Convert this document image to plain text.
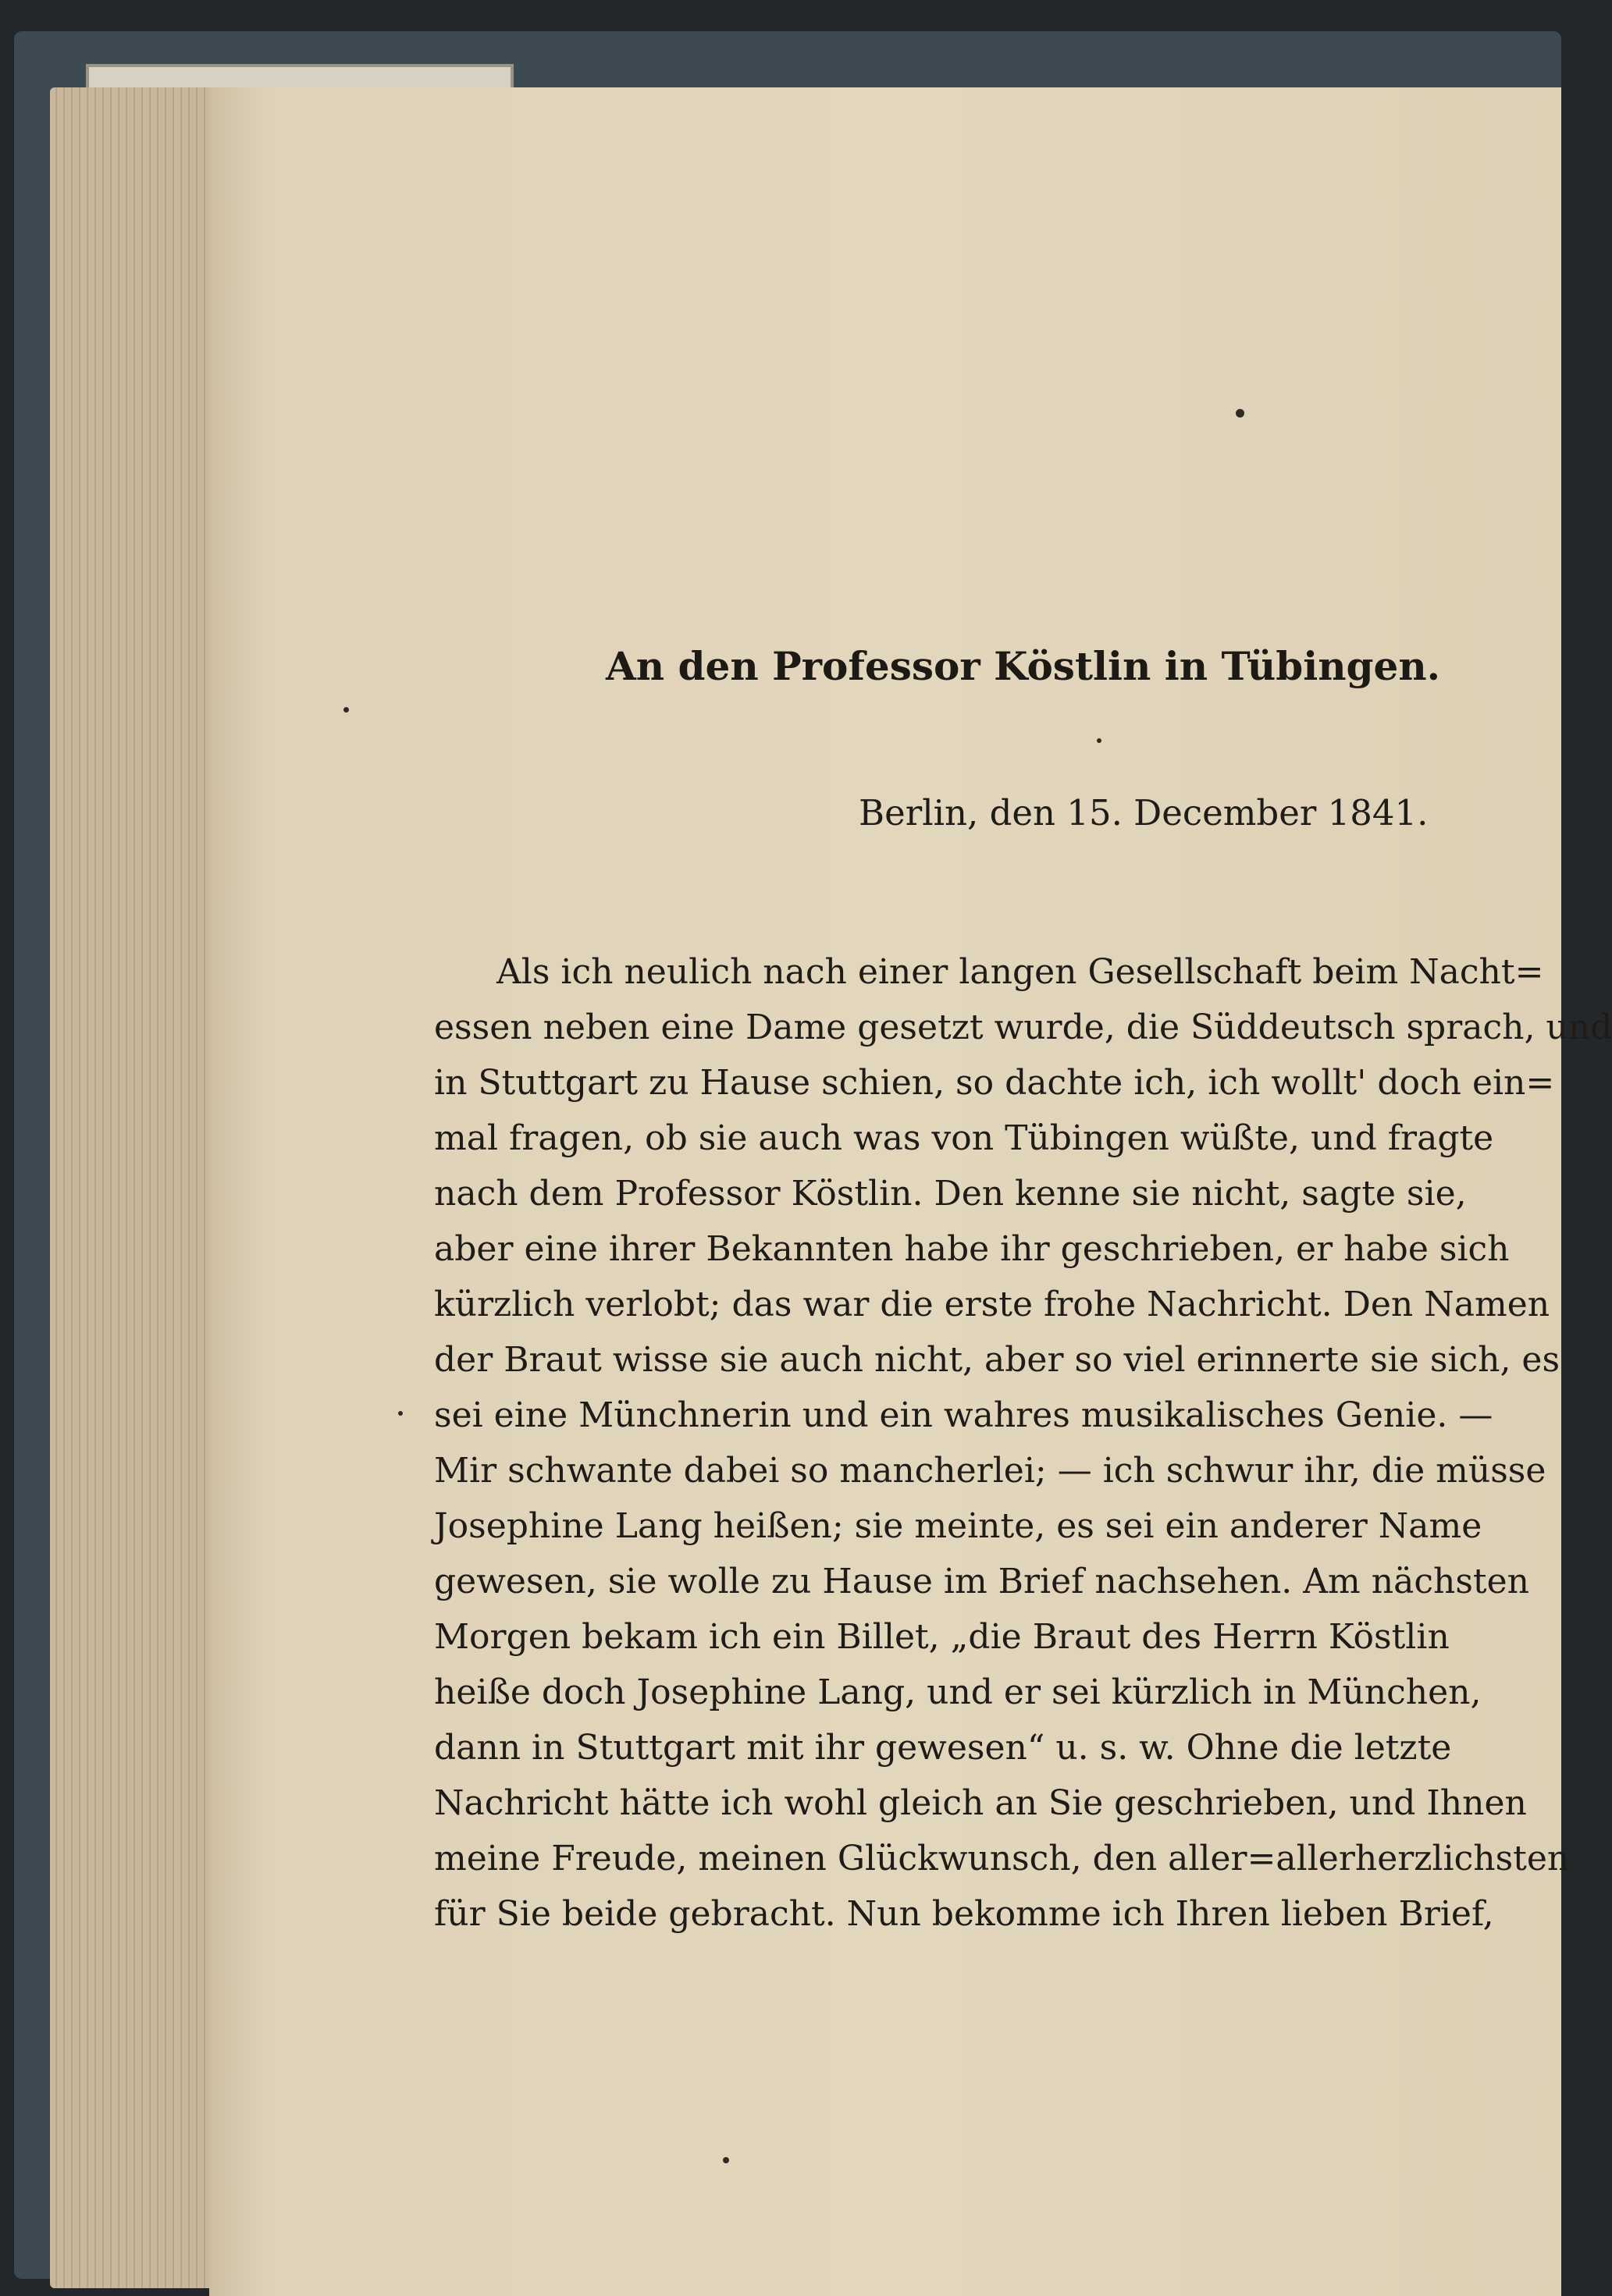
An den Professor Köstlin in Tübingen.
Berlin, den 15. December 1841.
Als ich neulich nach einer langen Gesellschaft beim Nacht=
essen neben eine Dame gesetzt wurde, die Süddeutsch sprach, und
in Stuttgart zu Hause schien, so dachte ich, ich wollt' doch ein=
mal fragen, ob sie auch was von Tübingen wüßte, und fragte
nach dem Professor Köstlin. Den kenne sie nicht, sagte sie,
aber eine ihrer Bekannten habe ihr geschrieben, er habe sich
kürzlich verlobt; das war die erste frohe Nachricht. Den Namen
der Braut wisse sie auch nicht, aber so viel erinnerte sie sich, es
sei eine Münchnerin und ein wahres musikalisches Genie. —
Mir schwante dabei so mancherlei; — ich schwur ihr, die müsse
Josephine Lang heißen; sie meinte, es sei ein anderer Name
gewesen, sie wolle zu Hause im Brief nachsehen. Am nächsten
Morgen bekam ich ein Billet, „die Braut des Herrn Köstlin
heiße doch Josephine Lang, und er sei kürzlich in München,
dann in Stuttgart mit ihr gewesen“ u. s. w. Ohne die letzte
Nachricht hätte ich wohl gleich an Sie geschrieben, und Ihnen
meine Freude, meinen Glückwunsch, den aller=allerherzlichsten
für Sie beide gebracht. Nun bekomme ich Ihren lieben Brief,
